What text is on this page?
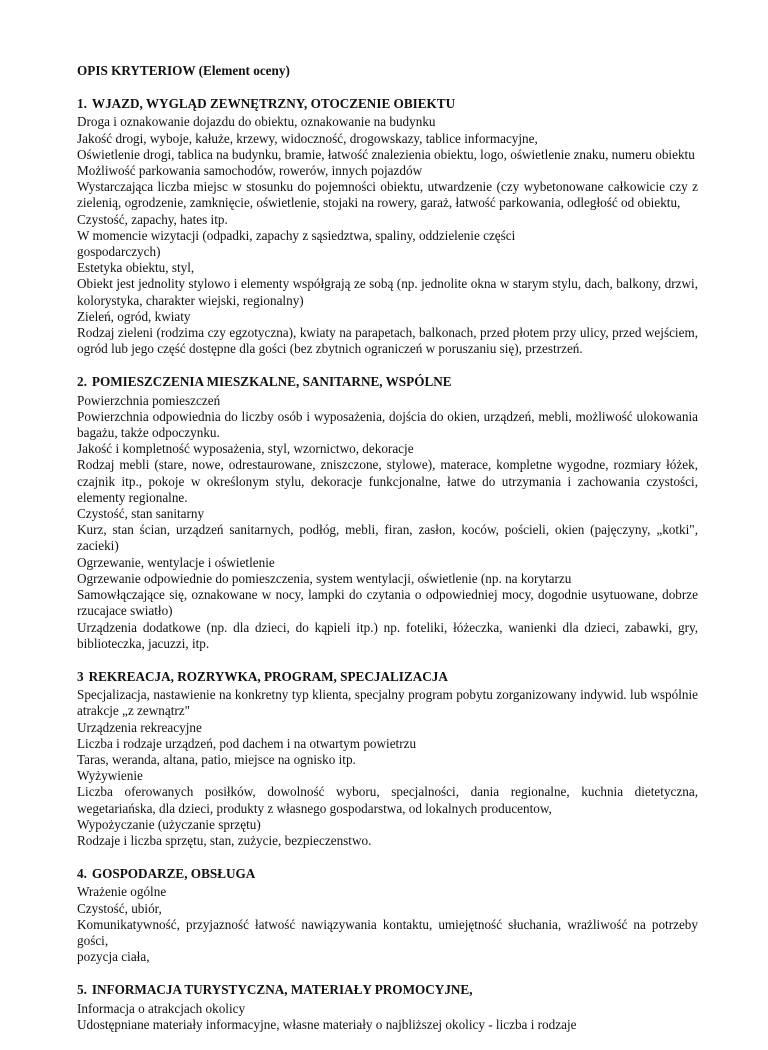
OPIS KRYTERIOW (Element oceny)
1. WJAZD, WYGLĄD ZEWNĘTRZNY, OTOCZENIE OBIEKTU
Droga i oznakowanie dojazdu do obiektu, oznakowanie na budynku
Jakość drogi, wyboje, kałuże, krzewy, widoczność, drogowskazy, tablice informacyjne,
Oświetlenie drogi, tablica na budynku, bramie, łatwość znalezienia obiektu, logo, oświetlenie znaku, numeru obiektu
Możliwość parkowania samochodów, rowerów, innych pojazdów
Wystarczająca liczba miejsc w stosunku do pojemności obiektu, utwardzenie (czy wybetonowane całkowicie czy z zielenią, ogrodzenie, zamknięcie, oświetlenie, stojaki na rowery, garaż, łatwość parkowania, odległość od obiektu,
Czystość, zapachy, hates itp.
W momencie wizytacji (odpadki, zapachy z sąsiedztwa, spaliny, oddzielenie części gospodarczych)
Estetyka obiektu, styl,
Obiekt jest jednolity stylowo i elementy współgrają ze sobą (np. jednolite okna w starym stylu, dach, balkony, drzwi, kolorystyka, charakter wiejski, regionalny)
Zieleń, ogród, kwiaty
Rodzaj zieleni (rodzima czy egzotyczna), kwiaty na parapetach, balkonach, przed płotem przy ulicy, przed wejściem, ogród lub jego część dostępne dla gości (bez zbytnich ograniczeń w poruszaniu się), przestrzeń.
2. POMIESZCZENIA MIESZKALNE, SANITARNE, WSPÓLNE
Powierzchnia pomieszczeń
Powierzchnia odpowiednia do liczby osób i wyposażenia, dojścia do okien, urządzeń, mebli, możliwość ulokowania bagażu, także odpoczynku.
Jakość i kompletność wyposażenia, styl, wzornictwo, dekoracje
Rodzaj mebli (stare, nowe, odrestaurowane, zniszczone, stylowe), materace, kompletne wygodne, rozmiary łóżek, czajnik itp., pokoje w określonym stylu, dekoracje funkcjonalne, łatwe do utrzymania i zachowania czystości, elementy regionalne.
Czystość, stan sanitarny
Kurz, stan ścian, urządzeń sanitarnych, podłóg, mebli, firan, zasłon, koców, pościeli, okien (pajęczyny, „kotki", zacieki)
Ogrzewanie, wentylacje i oświetlenie
Ogrzewanie odpowiednie do pomieszczenia, system wentylacji, oświetlenie (np. na korytarzu
Samowłączające się, oznakowane w nocy, lampki do czytania o odpowiedniej mocy, dogodnie usytuowane, dobrze rzucajace swiatło)
Urządzenia dodatkowe (np. dla dzieci, do kąpieli itp.) np. foteliki, łóżeczka, wanienki dla dzieci, zabawki, gry, biblioteczka, jacuzzi, itp.
3 REKREACJA, ROZRYWKA, PROGRAM, SPECJALIZACJA
Specjalizacja, nastawienie na konkretny typ klienta, specjalny program pobytu zorganizowany indywid. lub wspólnie atrakcje „z zewnątrz"
Urządzenia rekreacyjne
Liczba i rodzaje urządzeń, pod dachem i na otwartym powietrzu
Taras, weranda, altana, patio, miejsce na ognisko itp.
Wyżywienie
Liczba oferowanych posiłków, dowolność wyboru, specjalności, dania regionalne, kuchnia dietetyczna, wegetariańska, dla dzieci, produkty z własnego gospodarstwa, od lokalnych producentow,
Wypożyczanie (użyczanie sprzętu)
Rodzaje i liczba sprzętu, stan, zużycie, bezpieczenstwo.
4. GOSPODARZE, OBSŁUGA
Wrażenie ogólne
Czystość, ubiór,
Komunikatywność, przyjazność łatwość nawiązywania kontaktu, umiejętność słuchania, wrażliwość na potrzeby gości,
pozycja ciała,
5. INFORMACJA TURYSTYCZNA, MATERIAŁY PROMOCYJNE,
Informacja o atrakcjach okolicy
Udostępniane materiały informacyjne, własne materiały o najbliższej okolicy - liczba i rodzaje
